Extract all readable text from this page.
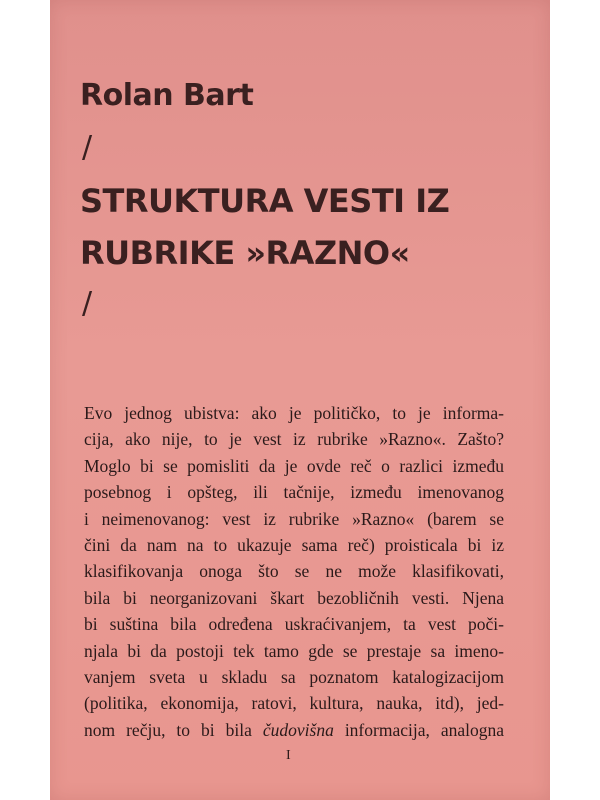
Rolan Bart

/

STRUKTURA VESTI IZ
RUBRIKE »RAZNO«

/

Evo jednog ubistva: ako je političko, to je informa-
cija, ako nije, to je vest iz rubrike »Razno«. Zašto?
Moglo bi se pomisliti da je ovde reč o razlici između
posebnog i opšteg, ili tačnije, između imenovanog
i neimenovanog: vest iz rubrike »Razno« (barem se
čini da nam na to ukazuje sama reč) proisticala bi iz
klasifikovanja onoga što se ne može klasifikovati,
bila bi neorganizovani škart bezobličnih vesti. Njena
bi suština bila određena uskraćivanjem, ta vest poči-
njala bi da postoji tek tamo gde se prestaje sa imeno-
vanjem sveta u skladu sa poznatom katalogizacijom
(politika, ekonomija, ratovi, kultura, nauka, itd), jed-
nom rečju, to bi bila čudovišna informacija, analogna

I
